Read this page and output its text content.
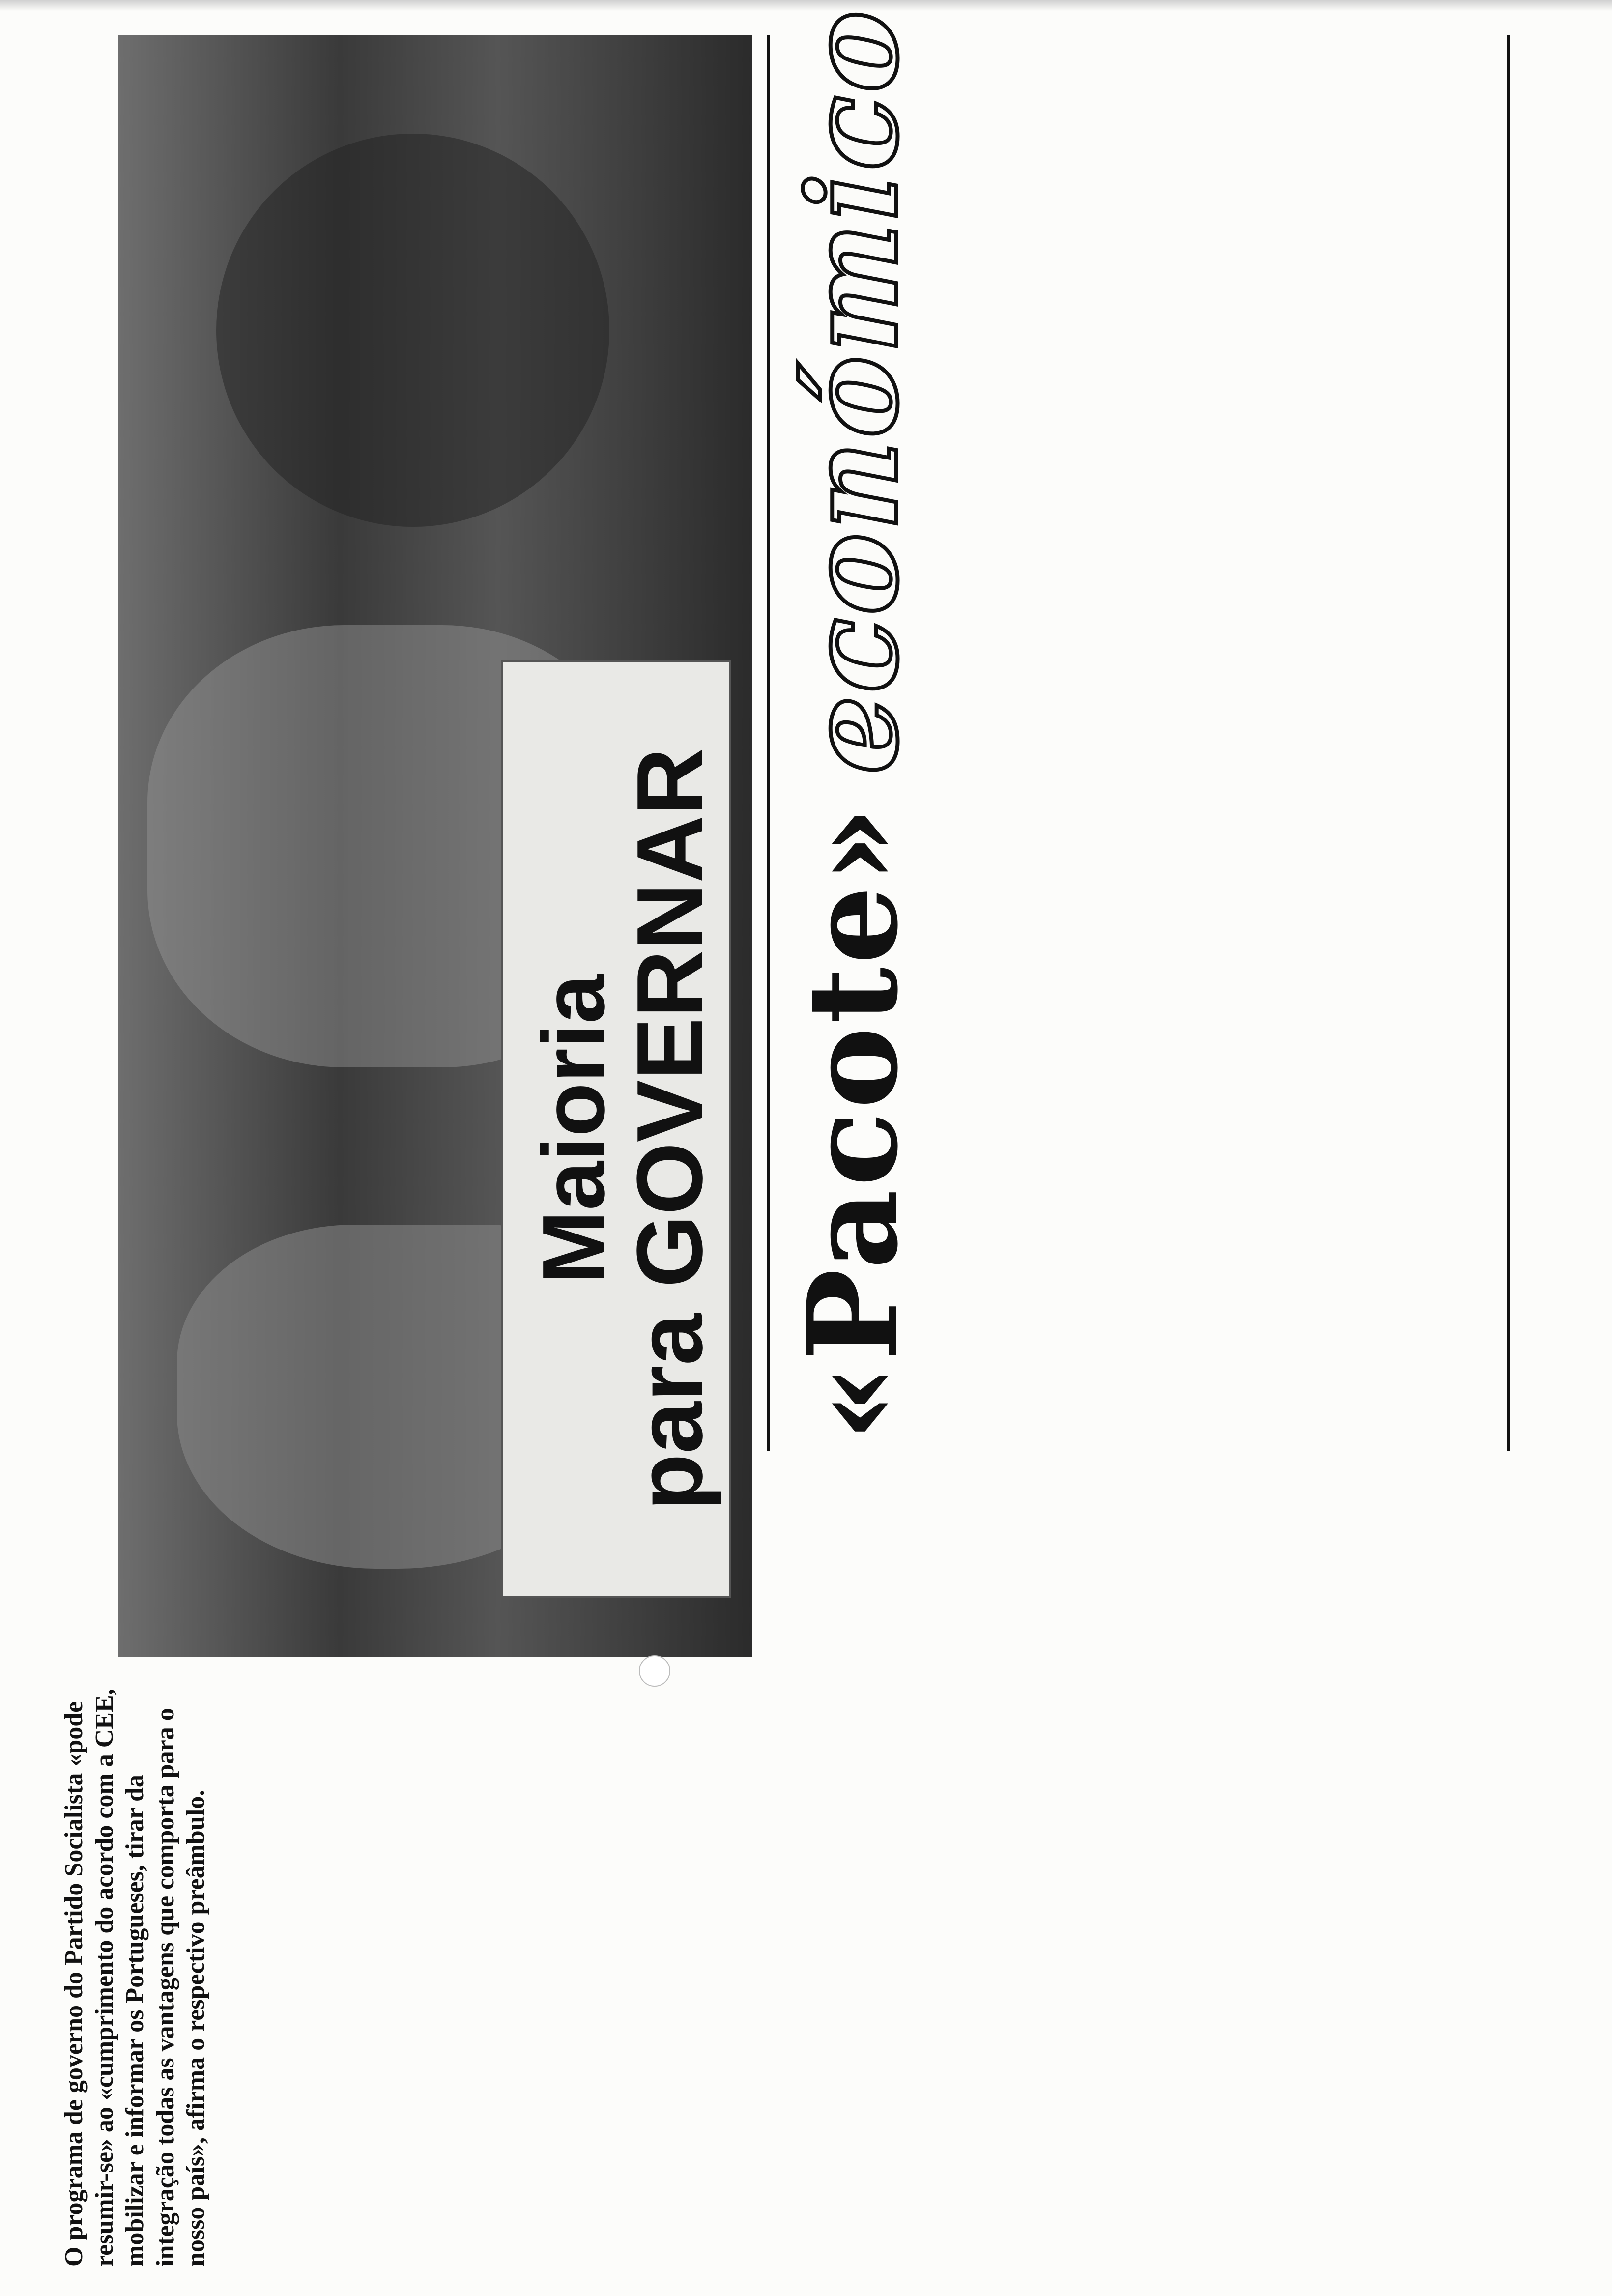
O programa de governo do Partido Socialista «pode resumir-se» ao «cumprimento do acordo com a CEE, mobilizar e informar os Portugueses, tirar da integração todas as vantagens que comporta para o nosso país», afirma o respectivo preâmbulo.
Maioria
para GOVERNAR «Pacote»económico
